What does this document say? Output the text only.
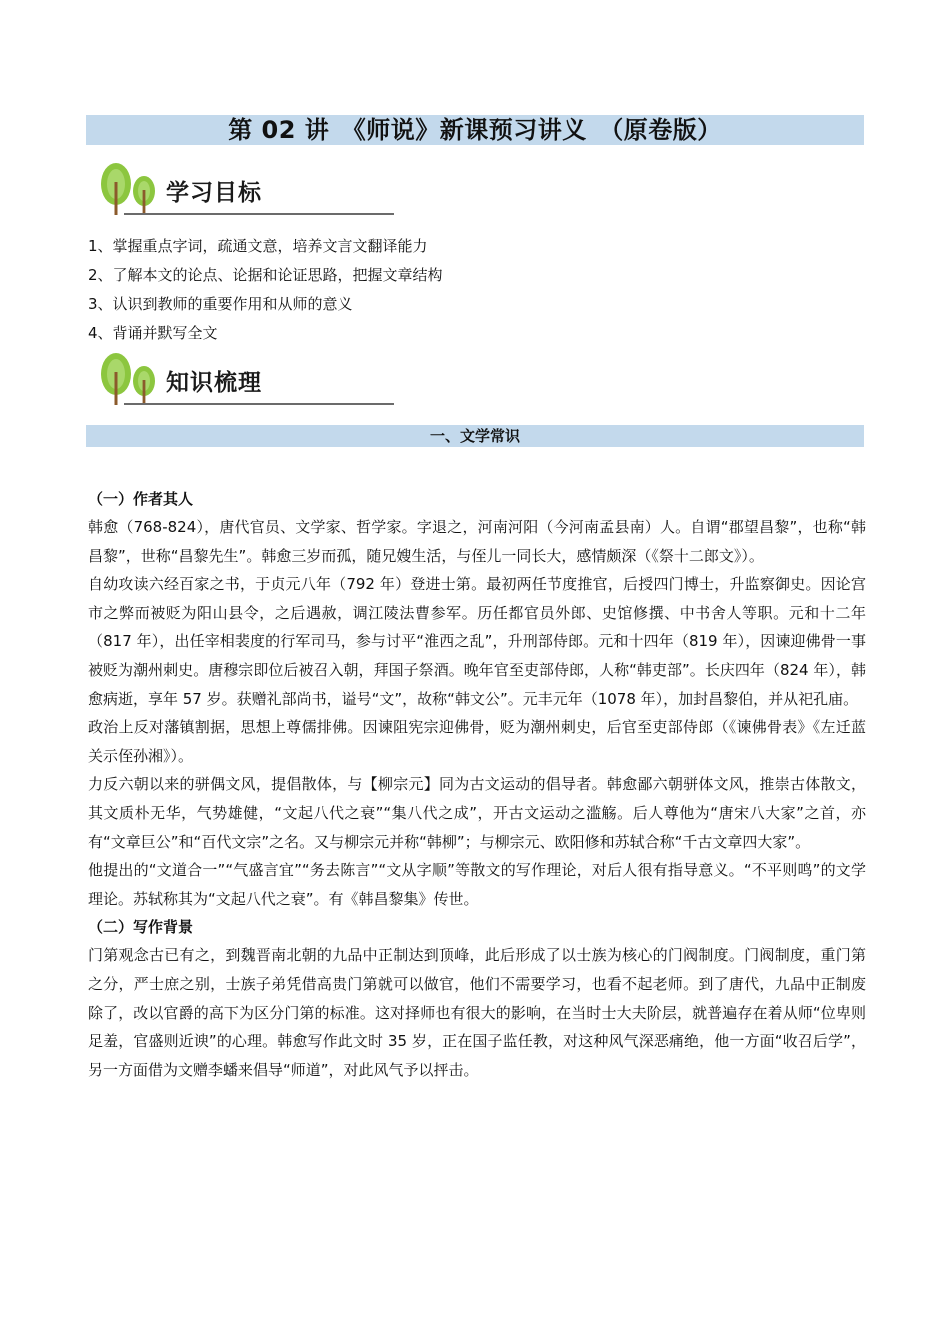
第 02 讲　《师说》新课预习讲义　（原卷版）
学习目标
1、掌握重点字词，疏通文意，培养文言文翻译能力
2、了解本文的论点、论据和论证思路，把握文章结构
3、认识到教师的重要作用和从师的意义
4、背诵并默写全文
知识梳理
一、文学常识
（一）作者其人
韩愈（768-824），唐代官员、文学家、哲学家。字退之，河南河阳（今河南孟县南）人。自谓“郡望昌黎”，也称“韩昌黎”，世称“昌黎先生”。韩愈三岁而孤，随兄嫂生活，与侄儿一同长大，感情颇深（《祭十二郎文》）。
自幼攻读六经百家之书，于贞元八年（792 年）登进士第。最初两任节度推官，后授四门博士，升监察御史。因论宫市之弊而被贬为阳山县令，之后遇赦，调江陵法曹参军。历任都官员外郎、史馆修撰、中书舍人等职。元和十二年（817 年），出任宰相裴度的行军司马，参与讨平“淮西之乱”，升刑部侍郎。元和十四年（819 年），因谏迎佛骨一事被贬为潮州刺史。唐穆宗即位后被召入朝，拜国子祭酒。晚年官至吏部侍郎，人称“韩吏部”。长庆四年（824 年），韩愈病逝，享年 57 岁。获赠礼部尚书，谥号“文”，故称“韩文公”。元丰元年（1078 年），加封昌黎伯，并从祀孔庙。
政治上反对藩镇割据，思想上尊儒排佛。因谏阻宪宗迎佛骨，贬为潮州刺史，后官至吏部侍郎（《谏佛骨表》《左迁蓝关示侄孙湘》）。
力反六朝以来的骈偶文风，提倡散体，与【柳宗元】同为古文运动的倡导者。韩愈鄙六朝骈体文风，推崇古体散文，其文质朴无华，气势雄健，“文起八代之衰”“集八代之成”，开古文运动之滥觞。后人尊他为“唐宋八大家”之首，亦有“文章巨公”和“百代文宗”之名。又与柳宗元并称“韩柳”；与柳宗元、欧阳修和苏轼合称“千古文章四大家”。
他提出的“文道合一”“气盛言宜”“务去陈言”“文从字顺”等散文的写作理论，对后人很有指导意义。“不平则鸣”的文学理论。苏轼称其为“文起八代之衰”。有《韩昌黎集》传世。
（二）写作背景
门第观念古已有之，到魏晋南北朝的九品中正制达到顶峰，此后形成了以士族为核心的门阀制度。门阀制度，重门第之分，严士庶之别，士族子弟凭借高贵门第就可以做官，他们不需要学习，也看不起老师。到了唐代，九品中正制废除了，改以官爵的高下为区分门第的标准。这对择师也有很大的影响，在当时士大夫阶层，就普遍存在着从师“位卑则足羞，官盛则近谀”的心理。韩愈写作此文时 35 岁，正在国子监任教，对这种风气深恶痛绝，他一方面“收召后学”，另一方面借为文赠李蟠来倡导“师道”，对此风气予以抨击。
